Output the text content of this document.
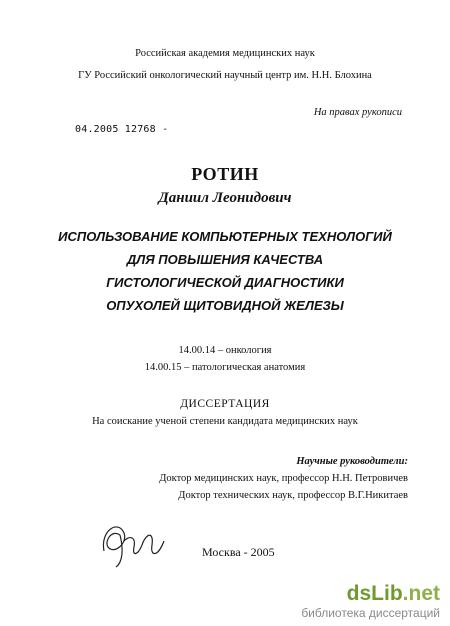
Российская академия медицинских наук
ГУ Российский онкологический научный центр им. Н.Н. Блохина
На правах рукописи
04.2005 12768 -
РОТИН
Даниил Леонидович
ИСПОЛЬЗОВАНИЕ КОМПЬЮТЕРНЫХ ТЕХНОЛОГИЙ
ДЛЯ ПОВЫШЕНИЯ КАЧЕСТВА
ГИСТОЛОГИЧЕСКОЙ ДИАГНОСТИКИ
ОПУХОЛЕЙ ЩИТОВИДНОЙ ЖЕЛЕЗЫ
14.00.14 – онкология
14.00.15 – патологическая анатомия
ДИССЕРТАЦИЯ
На соискание ученой степени кандидата медицинских наук
Научные руководители:
Доктор медицинских наук, профессор Н.Н. Петровичев
Доктор технических наук, профессор В.Г.Никитаев
Москва - 2005
dsLib.net
библиотека диссертаций
